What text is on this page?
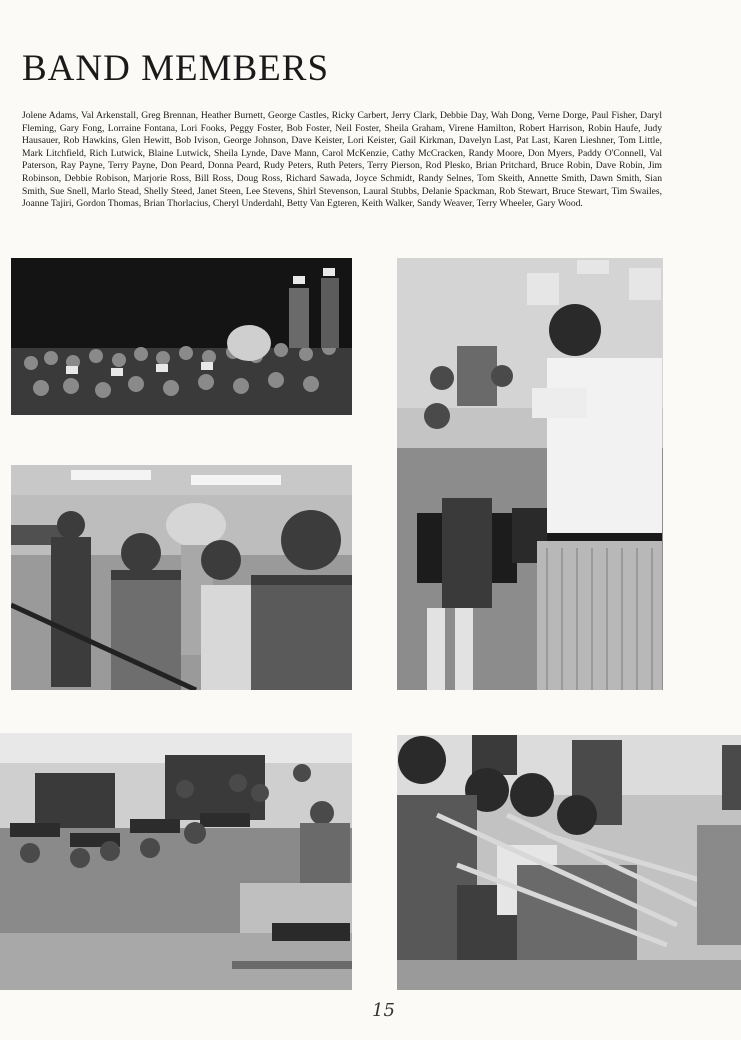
BAND MEMBERS

Jolene Adams, Val Arkenstall, Greg Brennan, Heather Burnett, George Castles, Ricky Carbert, Jerry Clark, Debbie Day, Wah Dong, Verne Dorge, Paul Fisher, Daryl Fleming, Gary Fong, Lorraine Fontana, Lori Fooks, Peggy Foster, Bob Foster, Neil Foster, Sheila Graham, Virene Hamilton, Robert Harrison, Robin Haufe, Judy Hausauer, Rob Hawkins, Glen Hewitt, Bob Ivison, George Johnson, Dave Keister, Lori Keister, Gail Kirkman, Davelyn Last, Pat Last, Karen Lieshner, Tom Little, Mark Litchfield, Rich Lutwick, Blaine Lutwick, Sheila Lynde, Dave Mann, Carol McKenzie, Cathy McCracken, Randy Moore, Don Myers, Paddy O'Connell, Val Paterson, Ray Payne, Terry Payne, Don Peard, Donna Peard, Rudy Peters, Ruth Peters, Terry Pierson, Rod Plesko, Brian Pritchard, Bruce Robin, Dave Robin, Jim Robinson, Debbie Robison, Marjorie Ross, Bill Ross, Doug Ross, Richard Sawada, Joyce Schmidt, Randy Selnes, Tom Skeith, Annette Smith, Dawn Smith, Sian Smith, Sue Snell, Marlo Stead, Shelly Steed, Janet Steen, Lee Stevens, Shirl Stevenson, Laural Stubbs, Delanie Spackman, Rob Stewart, Bruce Stewart, Tim Swailes, Joanne Tajiri, Gordon Thomas, Brian Thorlacius, Cheryl Underdahl, Betty Van Egteren, Keith Walker, Sandy Weaver, Terry Wheeler, Gary Wood.

15
